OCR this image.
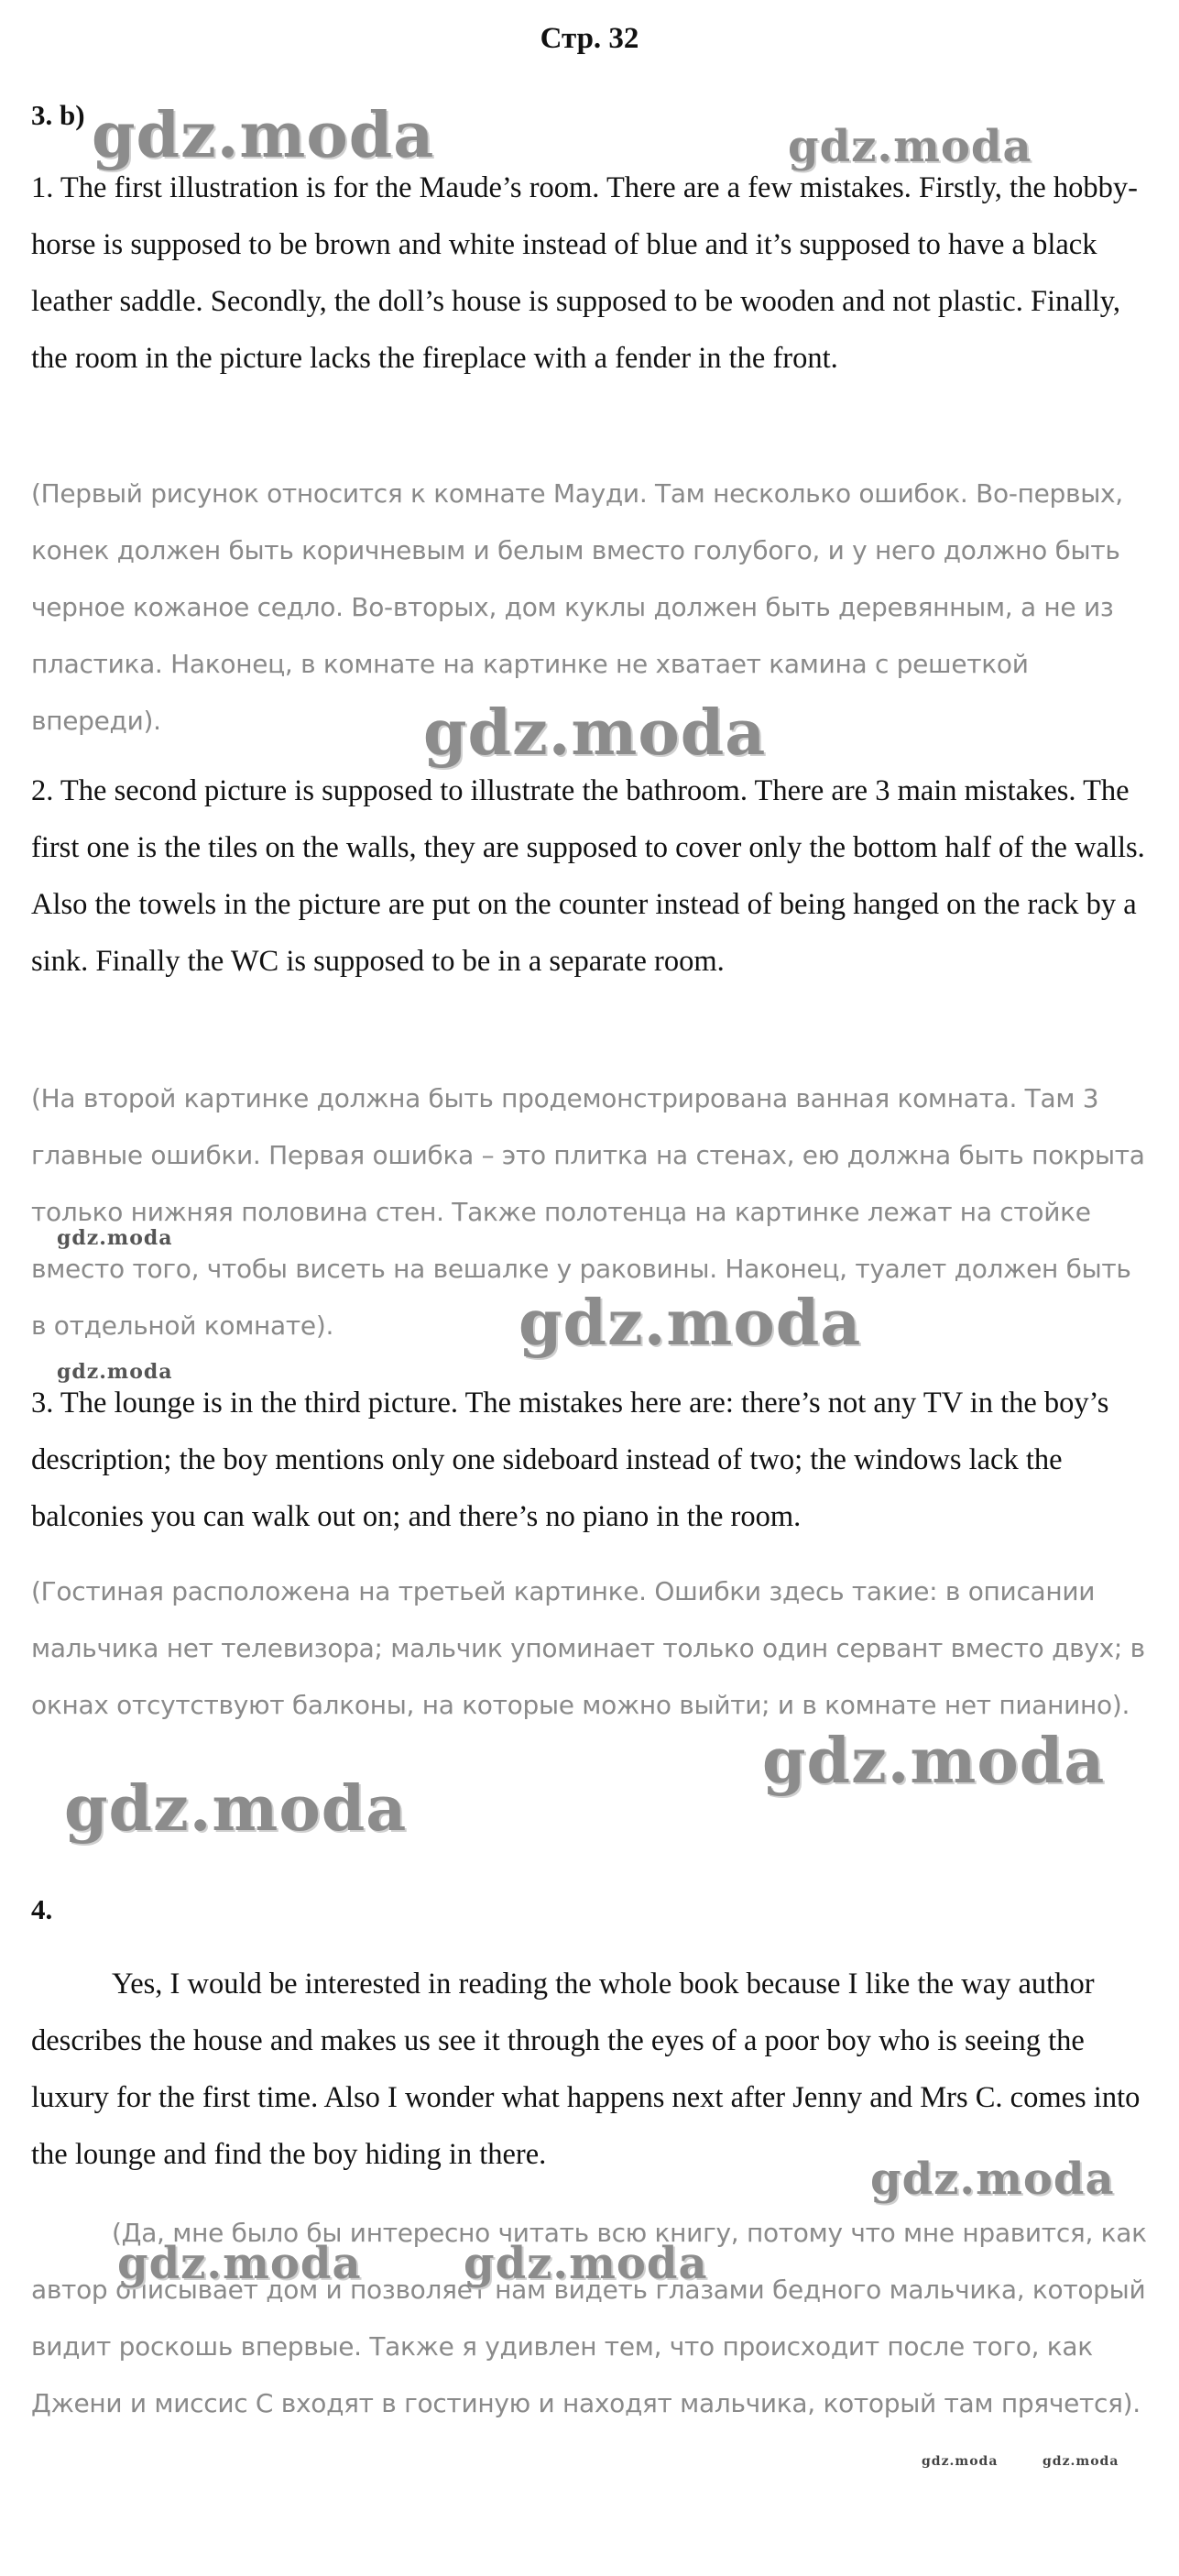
Стр. 32
3. b)

1. The first illustration is for the Maude’s room. There are a few mistakes. Firstly, the hobby-horse is supposed to be brown and white instead of blue and it’s supposed to have a black leather saddle. Secondly, the doll’s house is supposed to be wooden and not plastic. Finally, the room in the picture lacks the fireplace with a fender in the front.

(Первый рисунок относится к комнате Мауди. Там несколько ошибок. Во-первых, конек должен быть коричневым и белым вместо голубого, и у него должно быть черное кожаное седло. Во-вторых, дом куклы должен быть деревянным, а не из пластика. Наконец, в комнате на картинке не хватает камина с решеткой впереди).

2. The second picture is supposed to illustrate the bathroom. There are 3 main mistakes. The first one is the tiles on the walls, they are supposed to cover only the bottom half of the walls. Also the towels in the picture are put on the counter instead of being hanged on the rack by a sink. Finally the WC is supposed to be in a separate room.

(На второй картинке должна быть продемонстрирована ванная комната. Там 3 главные ошибки. Первая ошибка – это плитка на стенах, ею должна быть покрыта только нижняя половина стен. Также полотенца на картинке лежат на стойке вместо того, чтобы висеть на вешалке у раковины. Наконец, туалет должен быть в отдельной комнате).

3. The lounge is in the third picture. The mistakes here are: there’s not any TV in the boy’s description; the boy mentions only one sideboard instead of two; the windows lack the balconies you can walk out on; and there’s no piano in the room.

(Гостиная расположена на третьей картинке. Ошибки здесь такие: в описании мальчика нет телевизора; мальчик упоминает только один сервант вместо двух; в окнах отсутствуют балконы, на которые можно выйти; и в комнате нет пианино).

4.

Yes, I would be interested in reading the whole book because I like the way author describes the house and makes us see it through the eyes of a poor boy who is seeing the luxury for the first time. Also I wonder what happens next after Jenny and Mrs C. comes into the lounge and find the boy hiding in there.

(Да, мне было бы интересно читать всю книгу, потому что мне нравится, как автор описывает дом и позволяет нам видеть глазами бедного мальчика, который видит роскошь впервые. Также я удивлен тем, что происходит после того, как Джени и миссис С входят в гостиную и находят мальчика, который там прячется).

gdz.moda	gdz.moda
gdz.moda
gdz.moda
gdz.moda
gdz.moda
gdz.moda
gdz.moda
gdz.moda
gdz.moda gdz.moda
gdz.moda	gdz.moda
